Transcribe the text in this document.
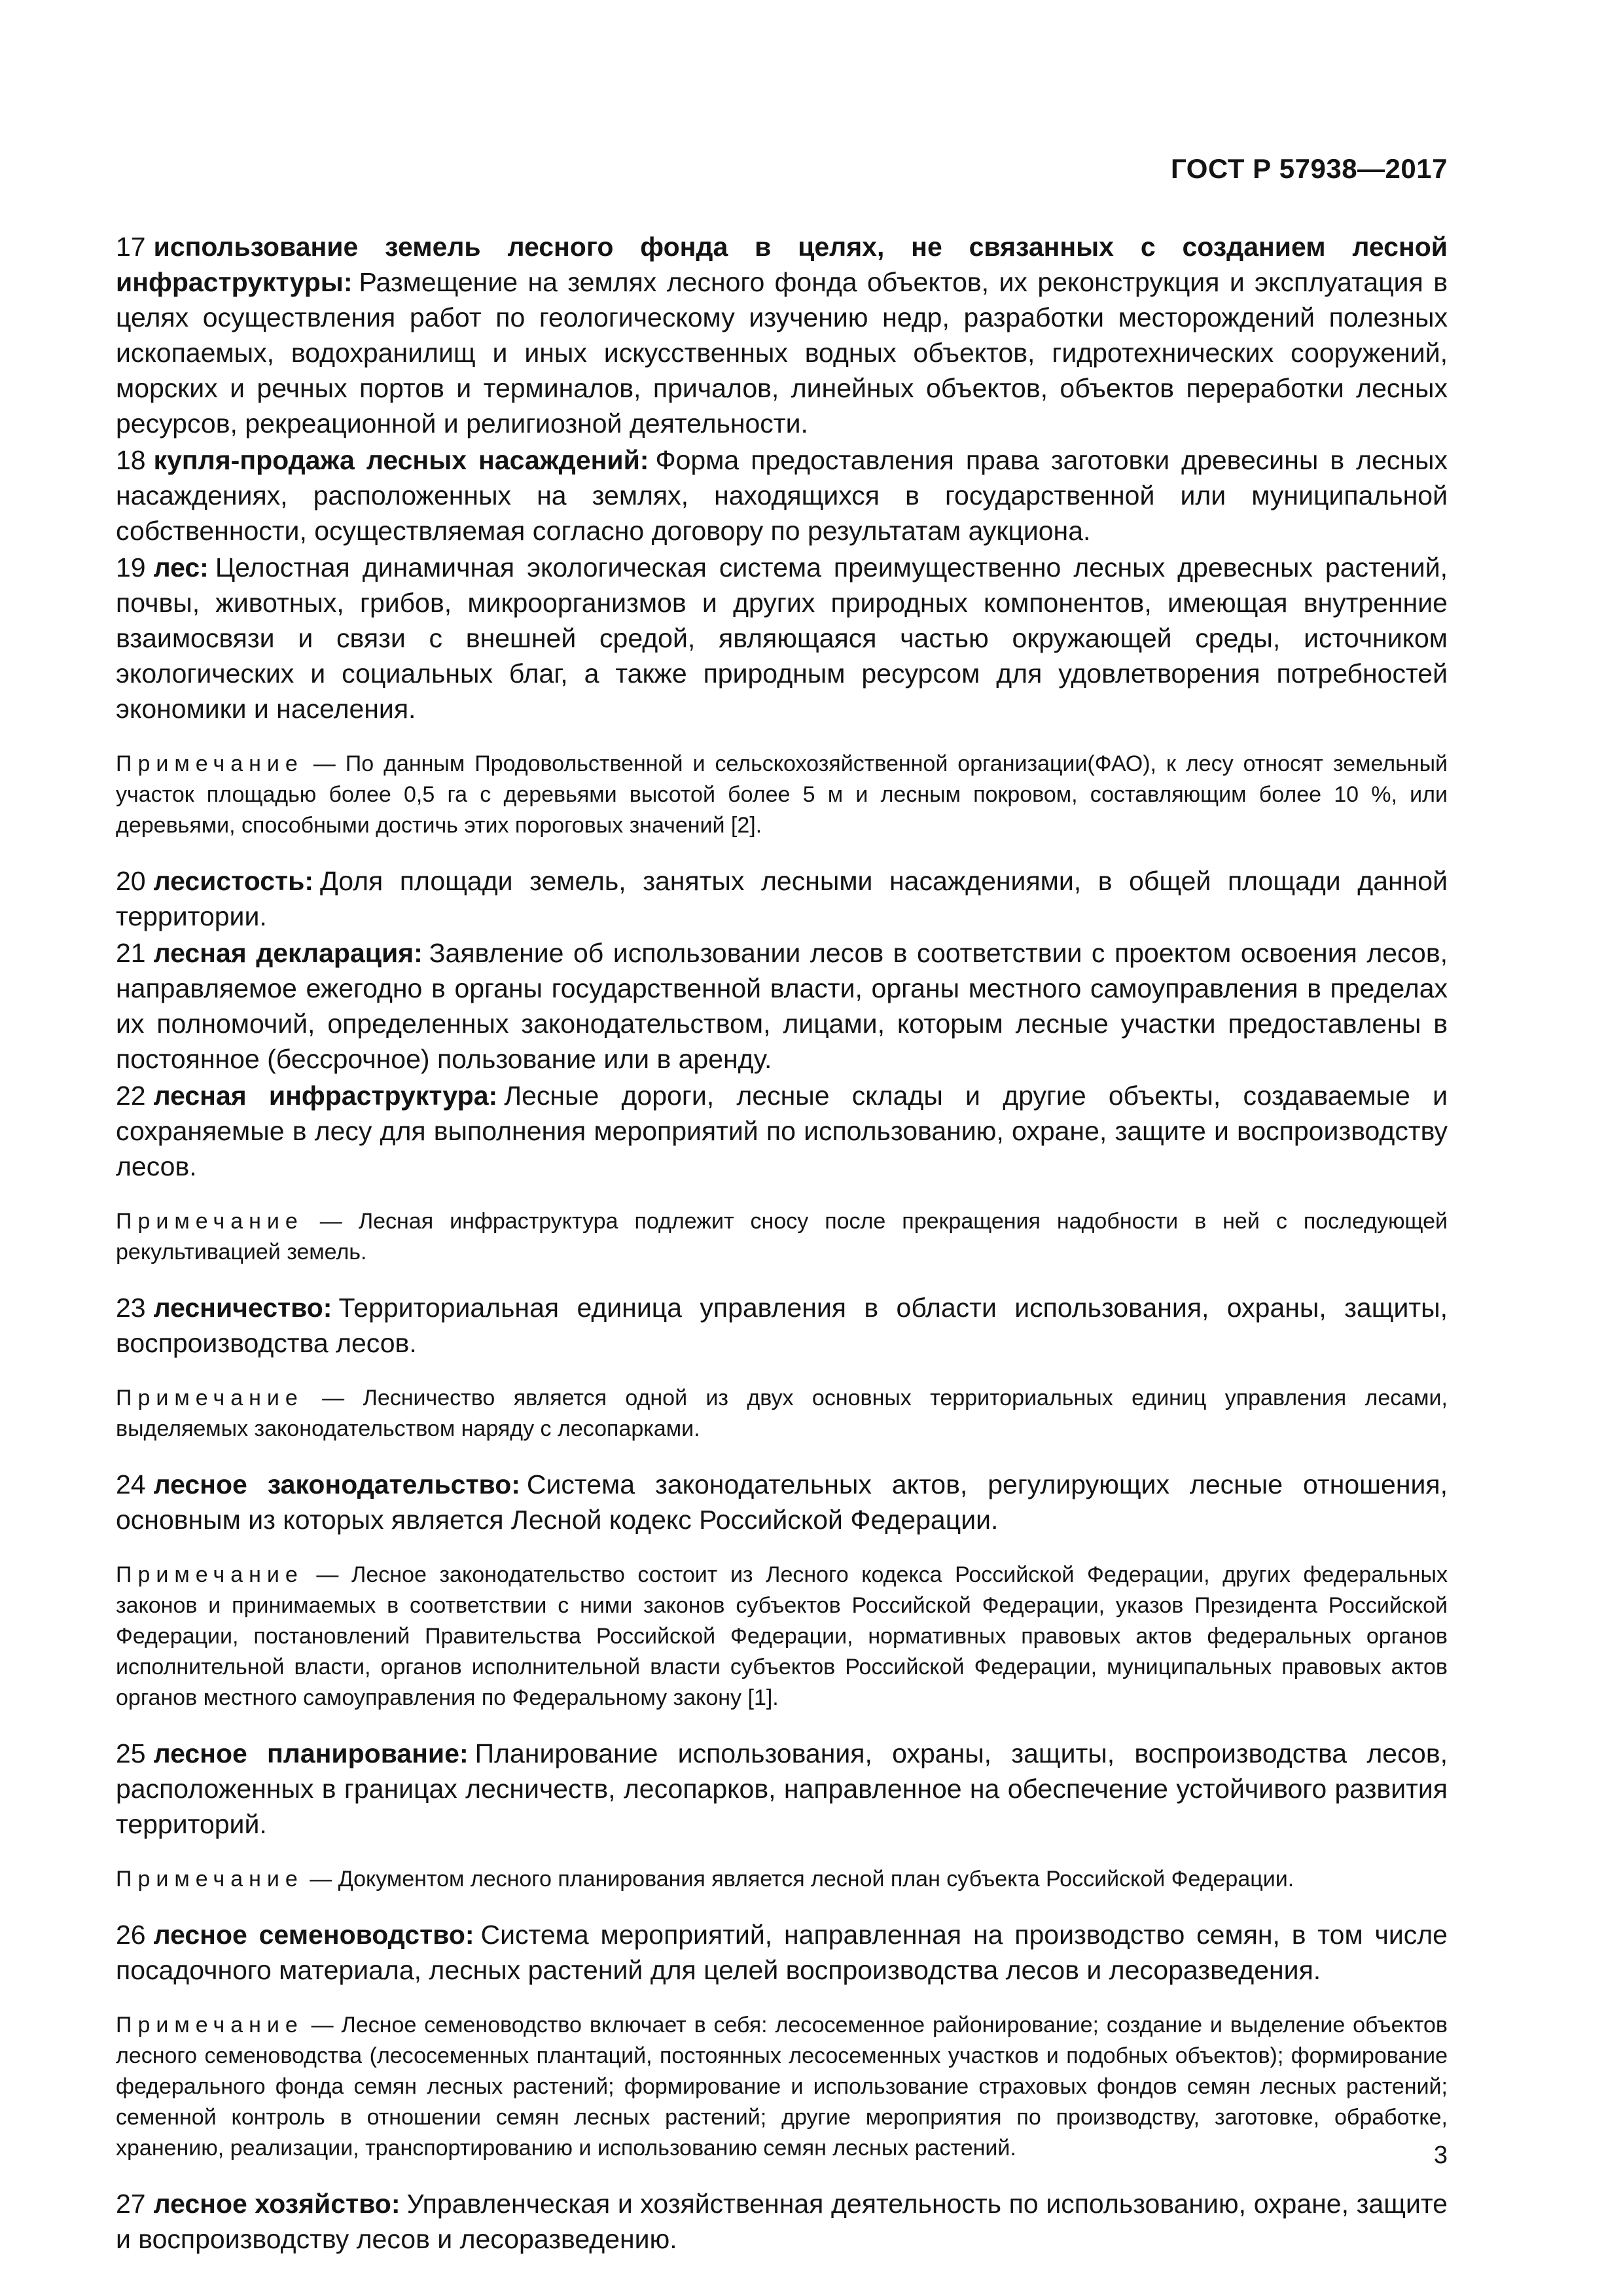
ГОСТ Р 57938—2017

17 использование земель лесного фонда в целях, не связанных с созданием лесной инфраструктуры: Размещение на землях лесного фонда объектов, их реконструкция и эксплуатация в целях осуществления работ по геологическому изучению недр, разработки месторождений полезных ископаемых, водохранилищ и иных искусственных водных объектов, гидротехнических сооружений, морских и речных портов и терминалов, причалов, линейных объектов, объектов переработки лесных ресурсов, рекреационной и религиозной деятельности.

18 купля-продажа лесных насаждений: Форма предоставления права заготовки древесины в лесных насаждениях, расположенных на землях, находящихся в государственной или муниципальной собственности, осуществляемая согласно договору по результатам аукциона.

19 лес: Целостная динамичная экологическая система преимущественно лесных древесных растений, почвы, животных, грибов, микроорганизмов и других природных компонентов, имеющая внутренние взаимосвязи и связи с внешней средой, являющаяся частью окружающей среды, источником экологических и социальных благ, а также природным ресурсом для удовлетворения потребностей экономики и населения.

Примечание — По данным Продовольственной и сельскохозяйственной организации(ФАО), к лесу относят земельный участок площадью более 0,5 га с деревьями высотой более 5 м и лесным покровом, составляющим более 10 %, или деревьями, способными достичь этих пороговых значений [2].

20 лесистость: Доля площади земель, занятых лесными насаждениями, в общей площади данной территории.

21 лесная декларация: Заявление об использовании лесов в соответствии с проектом освоения лесов, направляемое ежегодно в органы государственной власти, органы местного самоуправления в пределах их полномочий, определенных законодательством, лицами, которым лесные участки предоставлены в постоянное (бессрочное) пользование или в аренду.

22 лесная инфраструктура: Лесные дороги, лесные склады и другие объекты, создаваемые и сохраняемые в лесу для выполнения мероприятий по использованию, охране, защите и воспроизводству лесов.

Примечание — Лесная инфраструктура подлежит сносу после прекращения надобности в ней с последующей рекультивацией земель.

23 лесничество: Территориальная единица управления в области использования, охраны, защиты, воспроизводства лесов.

Примечание — Лесничество является одной из двух основных территориальных единиц управления лесами, выделяемых законодательством наряду с лесопарками.

24 лесное законодательство: Система законодательных актов, регулирующих лесные отношения, основным из которых является Лесной кодекс Российской Федерации.

Примечание — Лесное законодательство состоит из Лесного кодекса Российской Федерации, других федеральных законов и принимаемых в соответствии с ними законов субъектов Российской Федерации, указов Президента Российской Федерации, постановлений Правительства Российской Федерации, нормативных правовых актов федеральных органов исполнительной власти, органов исполнительной власти субъектов Российской Федерации, муниципальных правовых актов органов местного самоуправления по Федеральному закону [1].

25 лесное планирование: Планирование использования, охраны, защиты, воспроизводства лесов, расположенных в границах лесничеств, лесопарков, направленное на обеспечение устойчивого развития территорий.

Примечание — Документом лесного планирования является лесной план субъекта Российской Федерации.

26 лесное семеноводство: Система мероприятий, направленная на производство семян, в том числе посадочного материала, лесных растений для целей воспроизводства лесов и лесоразведения.

Примечание — Лесное семеноводство включает в себя: лесосеменное районирование; создание и выделение объектов лесного семеноводства (лесосеменных плантаций, постоянных лесосеменных участков и подобных объектов); формирование федерального фонда семян лесных растений; формирование и использование страховых фондов семян лесных растений; семенной контроль в отношении семян лесных растений; другие мероприятия по производству, заготовке, обработке, хранению, реализации, транспортированию и использованию семян лесных растений.

27 лесное хозяйство: Управленческая и хозяйственная деятельность по использованию, охране, защите и воспроизводству лесов и лесоразведению.

3
